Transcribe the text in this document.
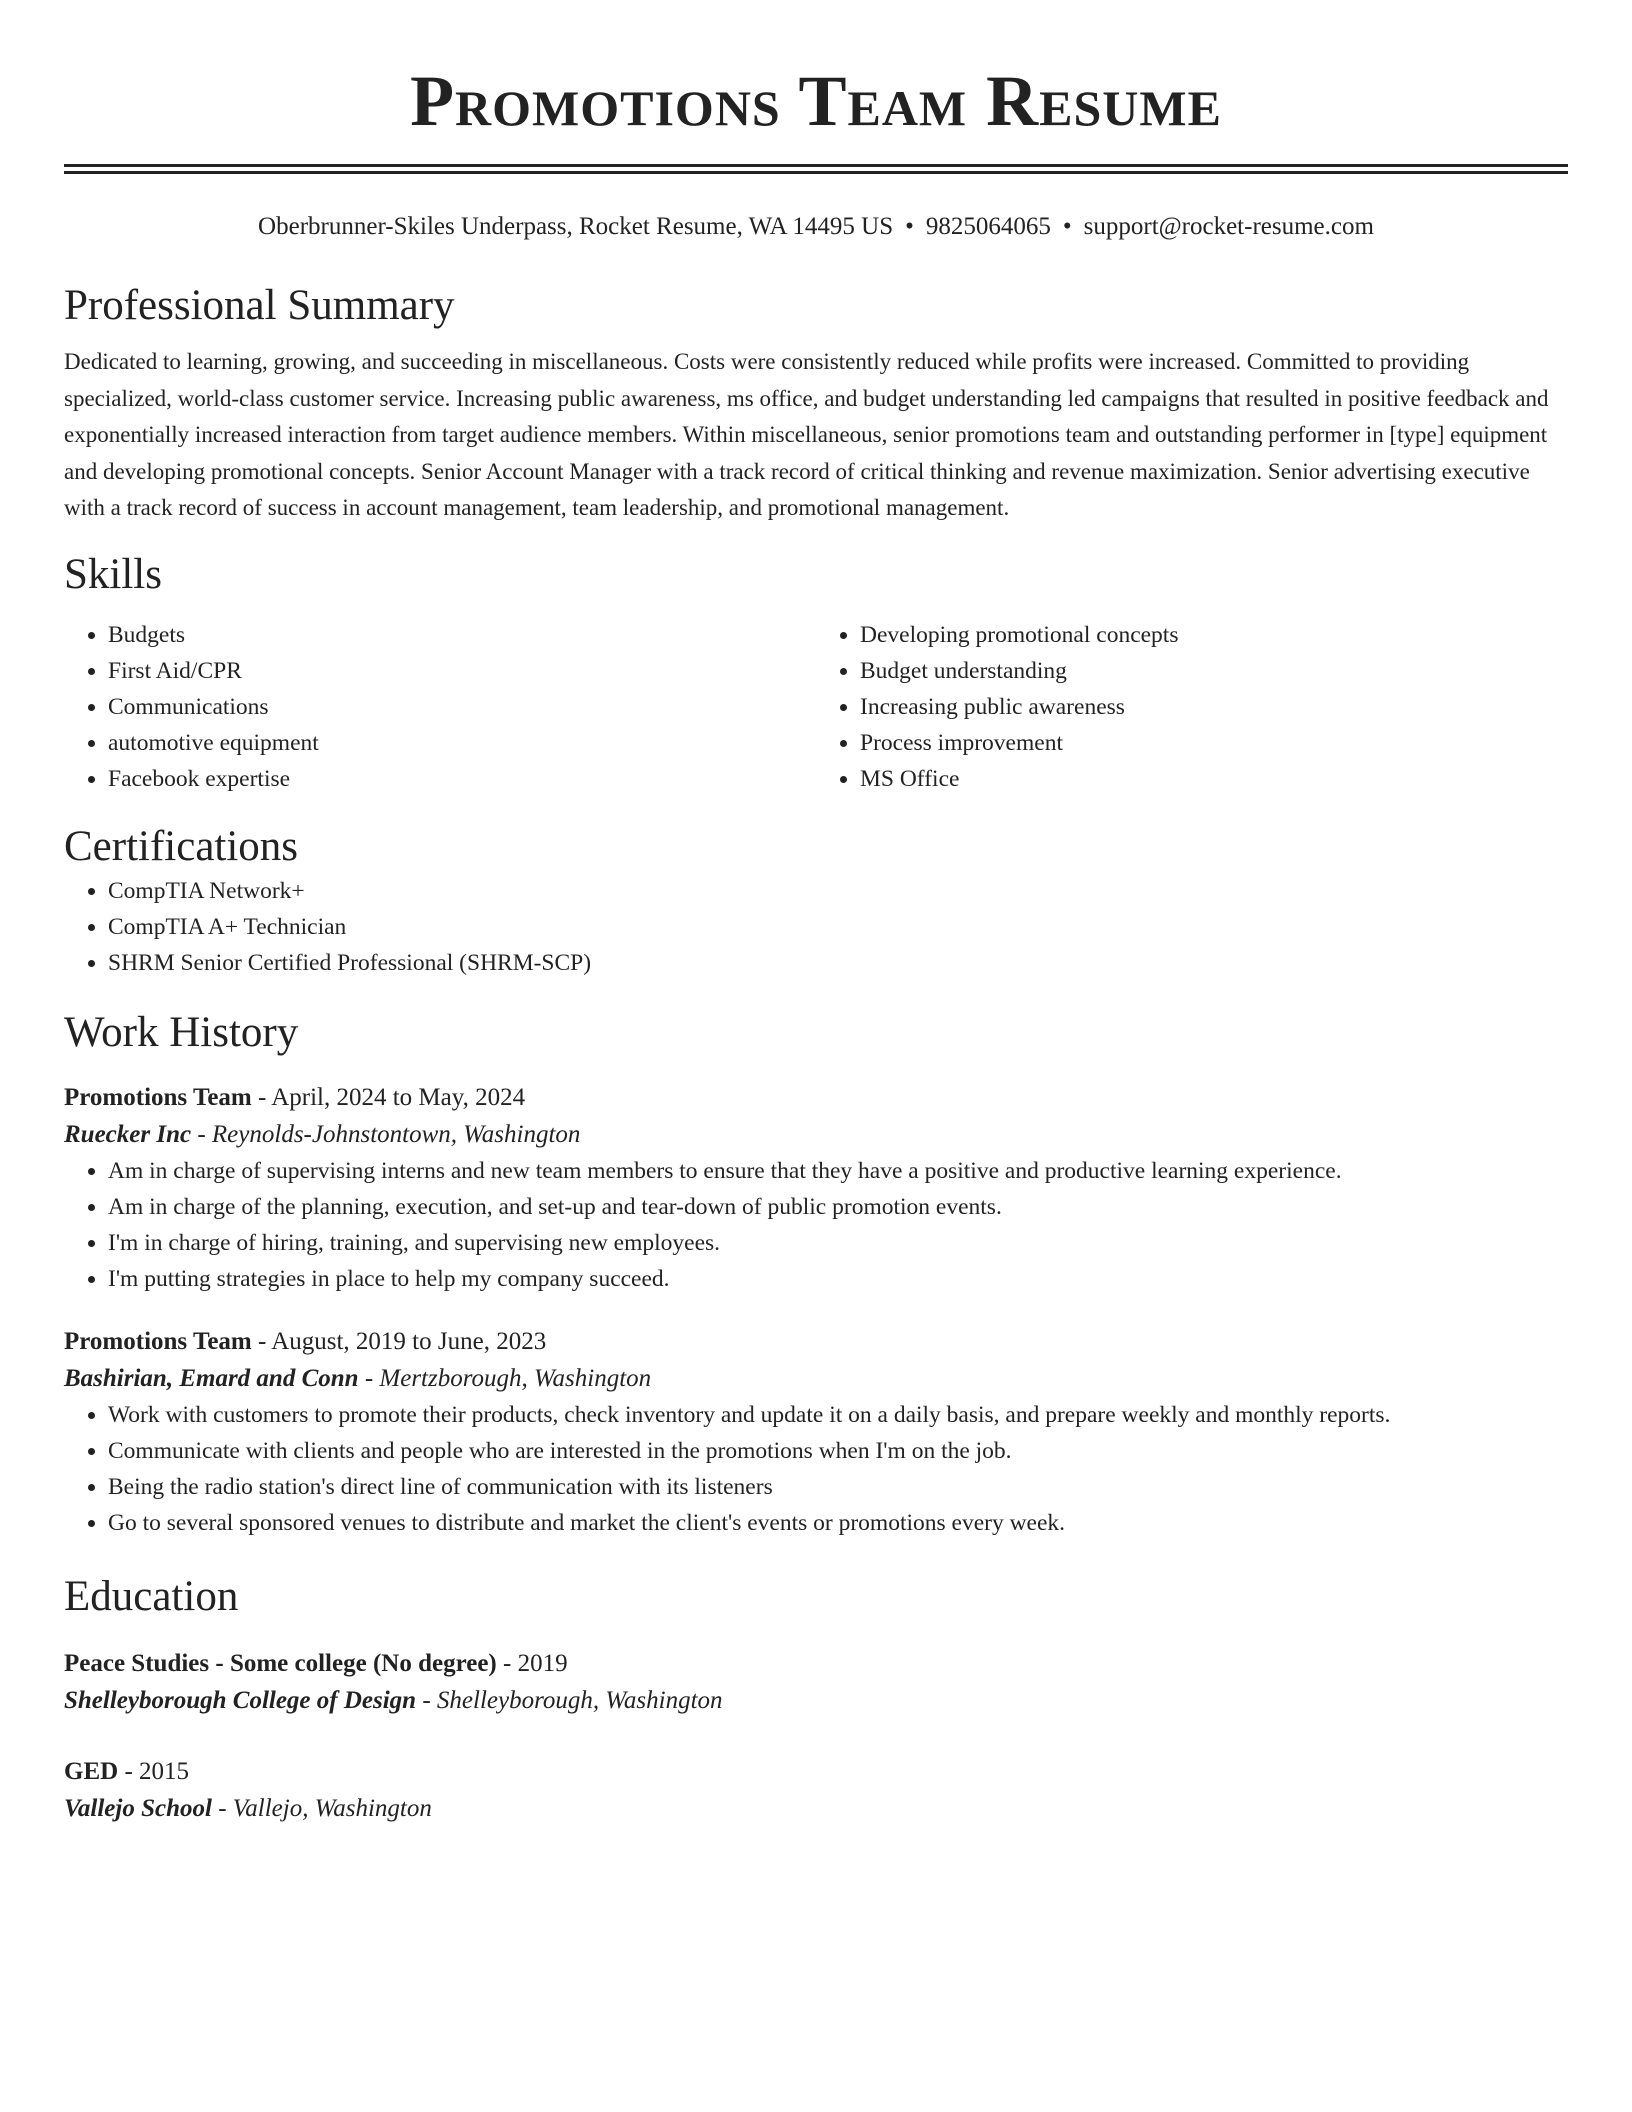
Promotions Team Resume
Oberbrunner-Skiles Underpass, Rocket Resume, WA 14495 US • 9825064065 • support@rocket-resume.com
Professional Summary

Dedicated to learning, growing, and succeeding in miscellaneous. Costs were consistently reduced while profits were increased. Committed to providing specialized, world-class customer service. Increasing public awareness, ms office, and budget understanding led campaigns that resulted in positive feedback and exponentially increased interaction from target audience members. Within miscellaneous, senior promotions team and outstanding performer in [type] equipment and developing promotional concepts. Senior Account Manager with a track record of critical thinking and revenue maximization. Senior advertising executive with a track record of success in account management, team leadership, and promotional management.

Skills
• Budgets
• First Aid/CPR
• Communications
• automotive equipment
• Facebook expertise
• Developing promotional concepts
• Budget understanding
• Increasing public awareness
• Process improvement
• MS Office
Certifications
• CompTIA Network+
• CompTIA A+ Technician
• SHRM Senior Certified Professional (SHRM-SCP)
Work History
Promotions Team - April, 2024 to May, 2024
Ruecker Inc - Reynolds-Johnstontown, Washington
• Am in charge of supervising interns and new team members to ensure that they have a positive and productive learning experience.
• Am in charge of the planning, execution, and set-up and tear-down of public promotion events.
• I'm in charge of hiring, training, and supervising new employees.
• I'm putting strategies in place to help my company succeed.
Promotions Team - August, 2019 to June, 2023
Bashirian, Emard and Conn - Mertzborough, Washington
• Work with customers to promote their products, check inventory and update it on a daily basis, and prepare weekly and monthly reports.
• Communicate with clients and people who are interested in the promotions when I'm on the job.
• Being the radio station's direct line of communication with its listeners
• Go to several sponsored venues to distribute and market the client's events or promotions every week.
Education
Peace Studies - Some college (No degree) - 2019
Shelleyborough College of Design - Shelleyborough, Washington
GED - 2015
Vallejo School - Vallejo, Washington
